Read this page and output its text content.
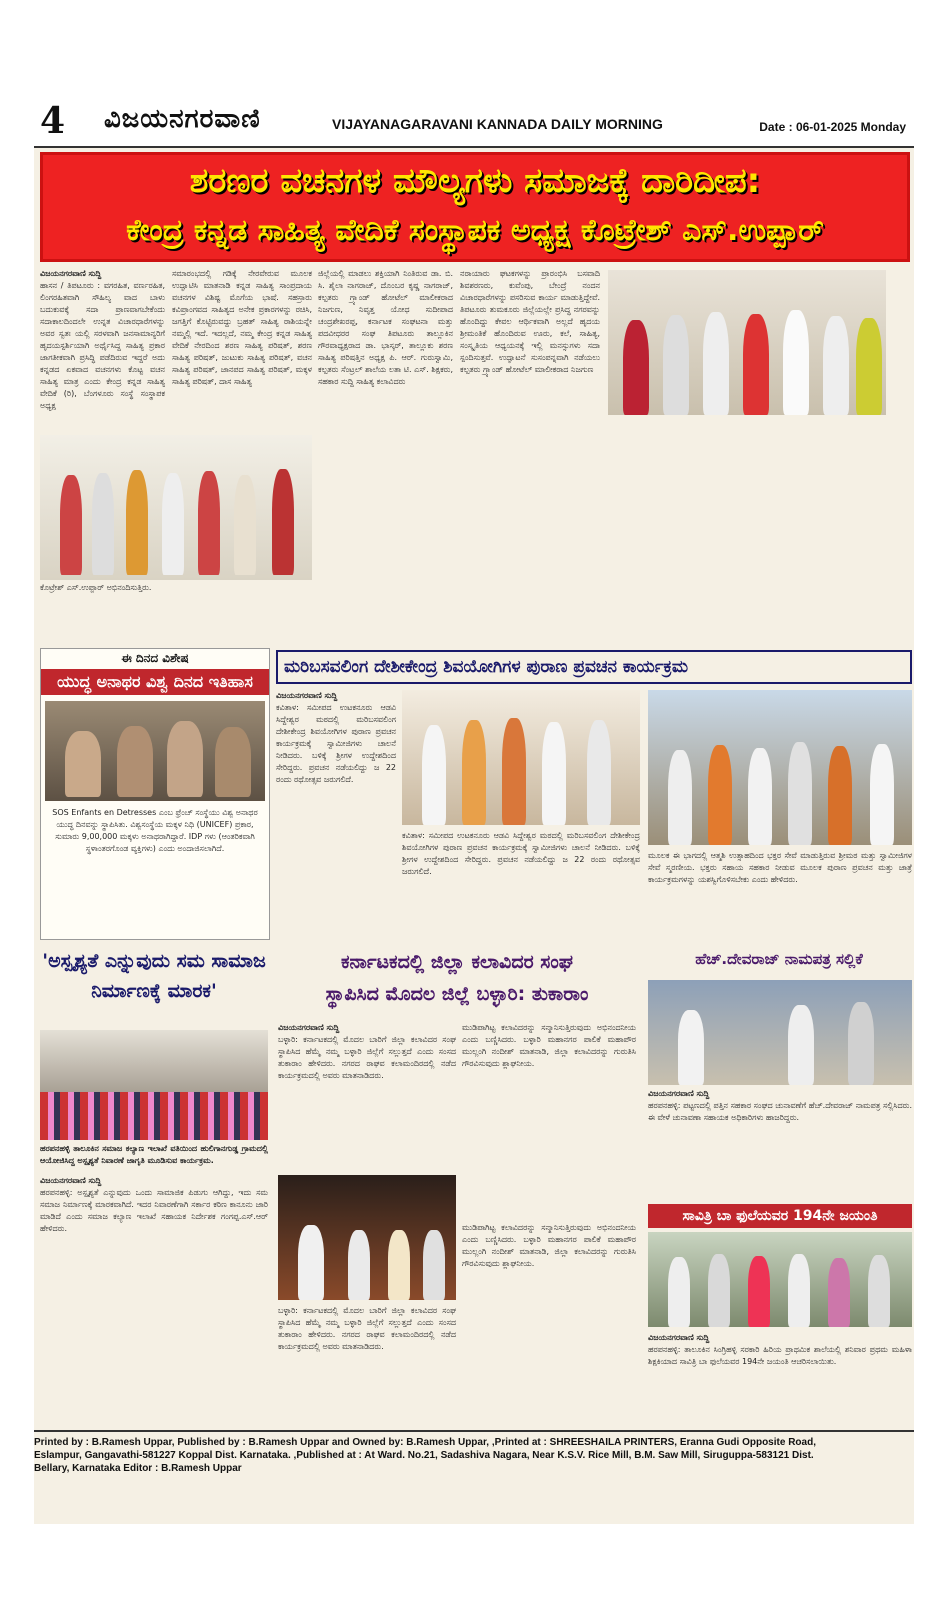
4 ವಿಜಯನಗರವಾಣಿ	VIJAYANAGARAVANI KANNADA DAILY MORNING	Date : 06-01-2025 Monday
ಶರಣರ ವಚನಗಳ ಮೌಲ್ಯಗಳು ಸಮಾಜಕ್ಕೆ ದಾರಿದೀಪ:
ಕೇಂದ್ರ ಕನ್ನಡ ಸಾಹಿತ್ಯ ವೇದಿಕೆ ಸಂಸ್ಥಾಪಕ ಅಧ್ಯಕ್ಷ ಕೊಟ್ರೇಶ್ ಎಸ್.ಉಪ್ಪಾರ್
ವಿಜಯನಗರವಾಣಿ ಸುದ್ದಿ
ಹಾಸನ / ತಿಪಟೂರು : ವಗರಹಿತ, ವರ್ಣರಹಿತ, ಲಿಂಗರಹಿತವಾಗಿ ಸೌಹಿಲ್ಯ ವಾದ ಬಾಳು ಬದುಕುವಕ್ಕೆ ಸದಾ ಪ್ರಾಣವಾಗಬೇಕೆಂದು ಸದಾಕಾಲದಿಂದಲೇ ಉನ್ನತ ವಿಚಾರಧಾರೆಗಳನ್ನು ಅವರ ಸ್ವತಃ ಯಲ್ಲಿ ಸರಳವಾಗಿ ಜನಸಾಮಾನ್ಯರಿಗೆ ಹೃದಯಸ್ಪರ್ಶಿಯಾಗಿ ಅರ್ಥೈಸಿದ್ದ ಸಾಹಿತ್ಯ ಪ್ರಕಾರ ಜಾಗತೀಕವಾಗಿ ಪ್ರಸಿದ್ಧಿ ಪಡೆದಿರುವ ಇದ್ದರೆ ಅದು ಕನ್ನಡದ ಏಕವಾದ ವಚನಗಳು ಕೊಟ್ಟ ವಚನ ಸಾಹಿತ್ಯ ಮಾತ್ರ ಎಂದು ಕೇಂದ್ರ ಕನ್ನಡ ಸಾಹಿತ್ಯ ವೇದಿಕೆ (ರಿ), ಬೆಂಗಳೂರು ಸಂಸ್ಥೆ ಸಂಸ್ಥಾಪಕ ಅಧ್ಯಕ್ಷ
ಸಮಾರಂಭದಲ್ಲಿ ಗಡಿಕ್ಕೆ ನೇರವೇರುವ ಮೂಲಕ ಉದ್ಘಾಟಿಸಿ ಮಾತನಾಡಿ ಕನ್ನಡ ಸಾಹಿತ್ಯ ಸಾಂಪ್ರದಾಯ ವಚನಗಳ ವಿಶಿಷ್ಟ ಮೊಗೆಯ ಭಾಷೆ. ಸಹಸ್ರಾರು ಕವಿಪ್ರಾಂಗವದ ಸಾಹಿತ್ಯದ ಅನೇಕ ಪ್ರಕಾರಗಳನ್ನು ರಚಿಸಿ, ಜಗತ್ತಿಗೆ ಕೊಟ್ಟಿರುವದ್ದು ಬ್ರಹತ್ ಸಾಹಿತ್ಯ ರಾಶಿಯನ್ನೇ ನಮ್ಮಲ್ಲಿ ಇದೆ. ಇದಲ್ಲದೆ, ನಮ್ಮ ಕೇಂದ್ರ ಕನ್ನಡ ಸಾಹಿತ್ಯ ವೇದಿಕೆ ನೇರದಿಂದ ಶರಣ ಸಾಹಿತ್ಯ ಪರಿಷತ್, ಶರಣ ಸಾಹಿತ್ಯ ಪರಿಷತ್, ಜುಟುಕು ಸಾಹಿತ್ಯ ಪರಿಷತ್, ವಚನ ಸಾಹಿತ್ಯ ಪರಿಷತ್, ಜಾನಪದ ಸಾಹಿತ್ಯ ಪರಿಷತ್, ಮಕ್ಕಳ ಸಾಹಿತ್ಯ ಪರಿಷತ್, ದಾಸ ಸಾಹಿತ್ಯ
ಜಿಲ್ಲೆಯಲ್ಲಿ ಮಾಡಲು ಶಕ್ತಿಯಾಗಿ ನಿಂತಿರುವ ಡಾ. ಬಿ. ಸಿ. ಶೈಲಾ ನಾಗರಾಜ್, ದೊಂಬರ ಕೃಷ್ಣ ನಾಗರಾಜ್, ಕಲ್ಪತರು ಗ್ರ್ಯಾಂಡ್ ಹೋಟೆಲ್ ಮಾಲೀಕರಾದ ನಿಜಗುಣ, ನಿವೃತ್ತ ಯೋಧ ಸುದೀಪಾದ ಚಂದ್ರಶೇಖರಪ್ಪ, ಕರ್ನಾಟಕ ಸಂಘಟನಾ ಮತ್ತು ಪದವೀಧರರ ಸಂಘ ತಿಪಟೂರು ತಾಲ್ಲೂಕಿನ ಗೌರವಾಧ್ಯಕ್ಷರಾದ ಡಾ. ಭಾಸ್ಕರ್, ತಾಲ್ಲೂಕು ಶರಣ ಸಾಹಿತ್ಯ ಪರಿಷತ್ತಿನ ಅಧ್ಯಕ್ಷ ಪಿ. ಆರ್. ಗುರುಸ್ವಾಮಿ, ಕಲ್ಪತರು ಸೆಂಟ್ರಲ್ ಶಾಲೆಯ ಲತಾ ಟಿ. ಎಸ್. ಶಿಕ್ಷಕರು, ಸಹಕಾರ ಸುದ್ದಿ ಸಾಹಿತ್ಯ ಕಲಾವಿದರು
ನರಾಯಾರು ಘಟಕಗಳನ್ನು ಪ್ರಾರಂಭಿಸಿ ಬಸವಾದಿ ಶಿವಶರಣರು, ಕುವೆಂಪು, ಬೇಂದ್ರೆ ನಂದನ ವಿಚಾರಧಾರೆಗಳನ್ನು ಪಸರಿಸುವ ಕಾರ್ಯ ಮಾಡುತ್ತಿದ್ದೇವೆ. ತಿಪಟೂರು ತುಮಕೂರು ಜಿಲ್ಲೆಯಲ್ಲೇ ಪ್ರಸಿದ್ಧ ನಗರವನ್ನು ಹೊಂದಿದ್ದು ಕೇವಲ ಆರ್ಥಿಕವಾಗಿ ಅಲ್ಲದೆ ಹೃದಯ ಶ್ರೀಮಂತಿಕೆ ಹೊಂದಿರುವ ಊರು, ಕಲೆ, ಸಾಹಿತ್ಯ, ಸಂಸ್ಕೃತಿಯ ಆಧ್ಯಯನಕ್ಕೆ ಇಲ್ಲಿ ಮನಸ್ಸುಗಳು ಸದಾ ಸ್ಪಂದಿಸುತ್ತವೆ. ಉದ್ಘಾಟನೆ ಸುಸಂಪನ್ನವಾಗಿ ನಡೆಯಲು ಕಲ್ಪತರು ಗ್ರ್ಯಾಂಡ್ ಹೋಟೆಲ್ ಮಾಲೀಕರಾದ ನಿಜಗುಣ
ಕೊಟ್ರೇಶ್ ಎಸ್.ಉಪ್ಪಾರ್ ಅಭಿನಂದಿಸುತ್ತಿರು.
ಈ ದಿನದ ವಿಶೇಷ
ಯುದ್ಧ ಅನಾಥರ ವಿಶ್ವ ದಿನದ ಇತಿಹಾಸ
SOS Enfants en Detresses ಎಂಬ ಫ್ರೆಂಚ್ ಸಂಸ್ಥೆಯು ವಿಶ್ವ ಅನಾಥರ ಯುದ್ಧ ದಿನವನ್ನು ಸ್ಥಾಪಿಸಿತು. ವಿಶ್ವಸಂಸ್ಥೆಯ ಮಕ್ಕಳ ನಿಧಿ (UNICEF) ಪ್ರಕಾರ, ಸುಮಾರು 9,00,000 ಮಕ್ಕಳು ಅನಾಥರಾಗಿದ್ದಾರೆ. IDP ಗಳು (ಆಂತರಿಕವಾಗಿ ಸ್ಥಳಾಂತರಗೊಂಡ ವ್ಯಕ್ತಿಗಳು) ಎಂದು ಅಂದಾಜಿಸಲಾಗಿದೆ.
ಮರಿಬಸವಲಿಂಗ ದೇಶೀಕೇಂದ್ರ ಶಿವಯೋಗಿಗಳ ಪುರಾಣ ಪ್ರವಚನ ಕಾರ್ಯಕ್ರಮ
ವಿಜಯನಗರವಾಣಿ ಸುದ್ದಿ
ಕವಿತಾಳ: ಸಮೀಪದ ಉಟಕನೂರು ಆಡವಿ ಸಿದ್ದೇಶ್ವರ ಮಠದಲ್ಲಿ ಮರಿಬಸವಲಿಂಗ ದೇಶೀಕೇಂದ್ರ ಶಿವಯೋಗಿಗಳ ಪುರಾಣ ಪ್ರವಚನ ಕಾರ್ಯಕ್ರಮಕ್ಕೆ ಸ್ವಾಮೀಜಿಗಳು ಚಾಲನೆ ನೀಡಿದರು. ಬಳಿಕ್ಕೆ ಶ್ರೀಗಳ ಉದ್ದೇಶದಿಂದ ಸೇರಿದ್ದರು. ಪ್ರವಚನ ನಡೆಯಲಿದ್ದು ಜ 22 ರಂದು ರಥೋತ್ಸವ ಜರುಗಲಿದೆ.
ಕವಿತಾಳ: ಸಮೀಪದ ಉಟಕನೂರು ಆಡವಿ ಸಿದ್ದೇಶ್ವರ ಮಠದಲ್ಲಿ ಮರಿಬಸವಲಿಂಗ ದೇಶೀಕೇಂದ್ರ ಶಿವಯೋಗಿಗಳ ಪುರಾಣ ಪ್ರವಚನ ಕಾರ್ಯಕ್ರಮಕ್ಕೆ ಸ್ವಾಮೀಜಿಗಳು ಚಾಲನೆ ನೀಡಿದರು. ಬಳಿಕ್ಕೆ ಶ್ರೀಗಳ ಉದ್ದೇಶದಿಂದ ಸೇರಿದ್ದರು. ಪ್ರವಚನ ನಡೆಯಲಿದ್ದು ಜ 22 ರಂದು ರಥೋತ್ಸವ ಜರುಗಲಿದೆ.
ಮೂಲಕ ಈ ಭಾಗದಲ್ಲಿ ಆತ್ಮಶಿ ಉತ್ಸಾಹದಿಂದ ಭಕ್ತರ ಸೇವೆ ಮಾಡುತ್ತಿರುವ ಶ್ರೀಮಠ ಮತ್ತು ಸ್ವಾಮೀಜಿಗಳ ಸೇವೆ ಸ್ಮರಣೀಯ. ಭಕ್ತರು ಸಹಾಯ ಸಹಕಾರ ನೀಡುವ ಮೂಲಕ ಪುರಾಣ ಪ್ರವಚನ ಮತ್ತು ಜಾತ್ರೆ ಕಾರ್ಯಕ್ರಮಗಳನ್ನು ಯಶಸ್ವಿಗೊಳಿಸಬೇಕು ಎಂದು ಹೇಳಿದರು.
'ಅಸ್ಪೃಶ್ಯತೆ ಎನ್ನುವುದು ಸಮ ಸಾಮಾಜ ನಿರ್ಮಾಣಕ್ಕೆ ಮಾರಕ'
ಹರಪನಹಳ್ಳಿ ತಾಲೂಕಿನ ಸಮಾಜ ಕಲ್ಯಾಣ ಇಲಾಖೆ ವತಿಯಿಂದ ಹುಲಿಗಾನಗುಡ್ಡ ಗ್ರಾಮದಲ್ಲಿ ಆಯೋಜಿಸಿದ್ದ ಅಸ್ಪೃಶ್ಯತೆ ನಿವಾರಣೆ ಜಾಗೃತಿ ಮೂಡಿಸುವ ಕಾರ್ಯಕ್ರಮ.
ವಿಜಯನಗರವಾಣಿ ಸುದ್ದಿ
ಹರಪನಹಳ್ಳಿ: ಅಸ್ಪೃಶ್ಯತೆ ಎನ್ನುವುದು ಒಂದು ಸಾಮಾಜಿಕ ಪಿಡುಗು ಆಗಿದ್ದು, ಇದು ಸಮ ಸಮಾಜ ನಿರ್ಮಾಣಕ್ಕೆ ಮಾರಕವಾಗಿದೆ. ಇದರ ನಿವಾರಣೆಗಾಗಿ ಸರ್ಕಾರ ಕಠಿಣ ಕಾನೂನು ಜಾರಿ ಮಾಡಿದೆ ಎಂದು ಸಮಾಜ ಕಲ್ಯಾಣ ಇಲಾಖೆ ಸಹಾಯಕ ನಿರ್ದೇಶಕ ಗಂಗಪ್ಪ.ಎಸ್.ಆರ್ ಹೇಳಿದರು.
ಕರ್ನಾಟಕದಲ್ಲಿ ಜಿಲ್ಲಾ ಕಲಾವಿದರ ಸಂಘ
ಸ್ಥಾಪಿಸಿದ ಮೊದಲ ಜಿಲ್ಲೆ ಬಳ್ಳಾರಿ: ತುಕಾರಾಂ
ವಿಜಯನಗರವಾಣಿ ಸುದ್ದಿ
ಬಳ್ಳಾರಿ: ಕರ್ನಾಟಕದಲ್ಲಿ ಮೊದಲ ಬಾರಿಗೆ ಜಿಲ್ಲಾ ಕಲಾವಿದರ ಸಂಘ ಸ್ಥಾಪಿಸಿದ ಹೆಮ್ಮೆ ನಮ್ಮ ಬಳ್ಳಾರಿ ಜಿಲ್ಲೆಗೆ ಸಲ್ಲುತ್ತದೆ ಎಂದು ಸಂಸದ ತುಕಾರಾಂ ಹೇಳಿದರು. ನಗರದ ರಾಘವ ಕಲಾಮಂದಿರದಲ್ಲಿ ನಡೆದ ಕಾರ್ಯಕ್ರಮದಲ್ಲಿ ಅವರು ಮಾತನಾಡಿದರು.
ಮುಡಿಪಾಗಿಟ್ಟ ಕಲಾವಿದರನ್ನು ಸನ್ಮಾನಿಸುತ್ತಿರುವುದು ಅಭಿನಂದನೀಯ ಎಂದು ಬಣ್ಣಿಸಿದರು. ಬಳ್ಳಾರಿ ಮಹಾನಗರ ಪಾಲಿಕೆ ಮಹಾಪೌರ ಮುಲ್ಲಂಗಿ ನಂದೀಶ್ ಮಾತನಾಡಿ, ಜಿಲ್ಲಾ ಕಲಾವಿದರನ್ನು ಗುರುತಿಸಿ ಗೌರವಿಸುವುದು ಶ್ಲಾಘನೀಯ.
ಬಳ್ಳಾರಿ: ಕರ್ನಾಟಕದಲ್ಲಿ ಮೊದಲ ಬಾರಿಗೆ ಜಿಲ್ಲಾ ಕಲಾವಿದರ ಸಂಘ ಸ್ಥಾಪಿಸಿದ ಹೆಮ್ಮೆ ನಮ್ಮ ಬಳ್ಳಾರಿ ಜಿಲ್ಲೆಗೆ ಸಲ್ಲುತ್ತದೆ ಎಂದು ಸಂಸದ ತುಕಾರಾಂ ಹೇಳಿದರು. ನಗರದ ರಾಘವ ಕಲಾಮಂದಿರದಲ್ಲಿ ನಡೆದ ಕಾರ್ಯಕ್ರಮದಲ್ಲಿ ಅವರು ಮಾತನಾಡಿದರು.
ಮುಡಿಪಾಗಿಟ್ಟ ಕಲಾವಿದರನ್ನು ಸನ್ಮಾನಿಸುತ್ತಿರುವುದು ಅಭಿನಂದನೀಯ ಎಂದು ಬಣ್ಣಿಸಿದರು. ಬಳ್ಳಾರಿ ಮಹಾನಗರ ಪಾಲಿಕೆ ಮಹಾಪೌರ ಮುಲ್ಲಂಗಿ ನಂದೀಶ್ ಮಾತನಾಡಿ, ಜಿಲ್ಲಾ ಕಲಾವಿದರನ್ನು ಗುರುತಿಸಿ ಗೌರವಿಸುವುದು ಶ್ಲಾಘನೀಯ.
ಹೆಚ್.ದೇವರಾಜ್ ನಾಮಪತ್ರ ಸಲ್ಲಿಕೆ
ವಿಜಯನಗರವಾಣಿ ಸುದ್ದಿ
ಹರಪನಹಳ್ಳಿ: ಪಟ್ಟಣದಲ್ಲಿ ಪತ್ತಿನ ಸಹಕಾರ ಸಂಘದ ಚುನಾವಣೆಗೆ ಹೆಚ್.ದೇವರಾಜ್ ನಾಮಪತ್ರ ಸಲ್ಲಿಸಿದರು. ಈ ವೇಳೆ ಚುನಾವಣಾ ಸಹಾಯಕ ಅಧಿಕಾರಿಗಳು ಹಾಜರಿದ್ದರು.
ಸಾವಿತ್ರಿ ಬಾ ಫುಲೆಯವರ 194ನೇ ಜಯಂತಿ
ವಿಜಯನಗರವಾಣಿ ಸುದ್ದಿ
ಹರಪನಹಳ್ಳಿ: ತಾಲೂಕಿನ ಸಿಂಗ್ರಿಹಳ್ಳಿ ಸರಕಾರಿ ಹಿರಿಯ ಪ್ರಾಥಮಿಕ ಶಾಲೆಯಲ್ಲಿ ಶನಿವಾರ ಪ್ರಥಮ ಮಹಿಳಾ ಶಿಕ್ಷಕಿಯಾದ ಸಾವಿತ್ರಿ ಬಾ ಫುಲೆಯವರ 194ನೇ ಜಯಂತಿ ಆಚರಿಸಲಾಯಿತು.
Printed by : B.Ramesh Uppar, Published by : B.Ramesh Uppar and Owned by: B.Ramesh Uppar, ,Printed at : SHREESHAILA PRINTERS, Eranna Gudi Opposite Road,
Eslampur, Gangavathi-581227 Koppal Dist. Karnataka. ,Published at : At Ward. No.21, Sadashiva Nagara, Near K.S.V. Rice Mill, B.M. Saw Mill, Siruguppa-583121 Dist.
Bellary, Karnataka Editor : B.Ramesh Uppar
